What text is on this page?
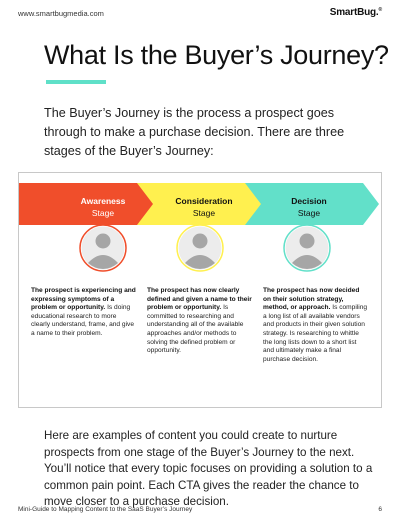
www.smartbugmedia.com	SmartBug.®
What Is the Buyer’s Journey?

The Buyer’s Journey is the process a prospect goes through to make a purchase decision. There are three stages of the Buyer’s Journey:

Awareness
Stage
Consideration
Stage
Decision
Stage
The prospect is experiencing and expressing symptoms of a problem or opportunity. Is doing educational research to more clearly understand, frame, and give a name to their problem.
The prospect has now clearly defined and given a name to their problem or opportunity. Is committed to researching and understanding all of the available approaches and/or methods to solving the defined problem or opportunity.
The prospect has now decided on their solution strategy, method, or approach. Is compiling a long list of all available vendors and products in their given solution strategy. Is researching to whittle the long lists down to a short list and ultimately make a final purchase decision.

Here are examples of content you could create to nurture prospects from one stage of the Buyer’s Journey to the next. You’ll notice that every topic focuses on providing a solution to a common pain point. Each CTA gives the reader the chance to move closer to a purchase decision.

Mini-Guide to Mapping Content to the SaaS Buyer’s Journey	6
